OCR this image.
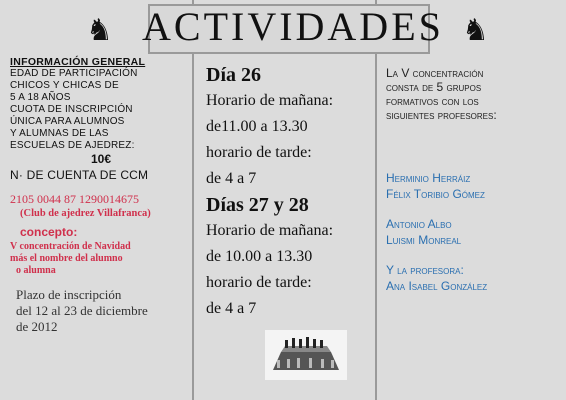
ACTIVIDADES
♞	♞
INFORMACIÓN GENERAL
EDAD DE PARTICIPACIÓN
CHICOS Y CHICAS DE
5 A 18 AÑOS
CUOTA DE INSCRIPCIÓN
ÚNICA PARA ALUMNOS
Y ALUMNAS DE LAS
ESCUELAS DE AJEDREZ:
10€
N· DE CUENTA DE CCM
2105 0044 87 1290014675
(Club de ajedrez Villafranca)
concepto:
V concentración de Navidad
más el nombre del alumno
o alumna
Plazo de inscripción
del 12 al 23 de diciembre
de 2012
Día 26
Horario de mañana:
de11.00 a 13.30
horario de tarde:
de 4 a 7
Días 27 y 28
Horario de mañana:
de 10.00 a 13.30
horario de tarde:
de 4 a 7
La V concentración
consta de 5 grupos
formativos con los
siguientes profesores:
Herminio Herráiz
Félix Toribio Gómez
Antonio Albo
Luismi Monreal
Y la profesora:
Ana Isabel González
